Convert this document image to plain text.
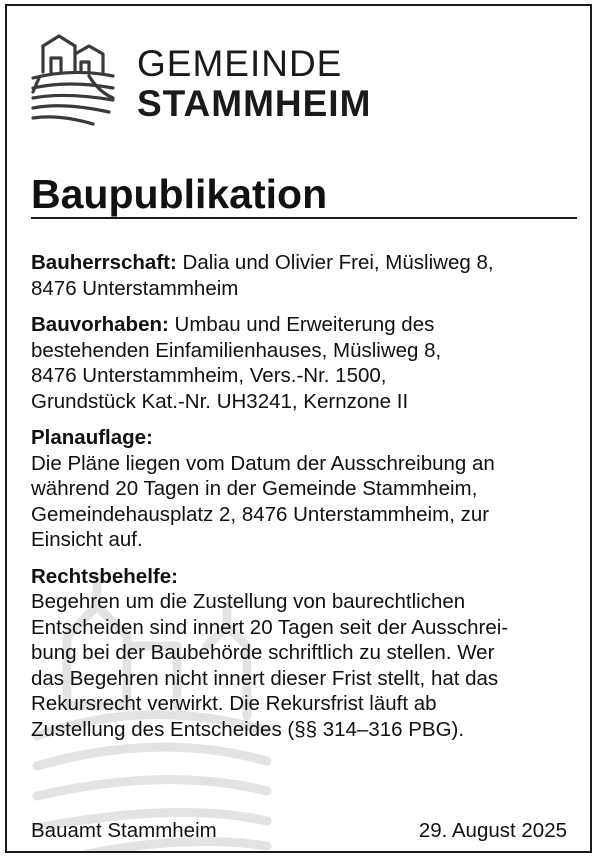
GEMEINDE
STAMMHEIM
Baupublikation
Bauherrschaft: Dalia und Olivier Frei, Müsliweg 8,
8476 Unterstammheim
Bauvorhaben: Umbau und Erweiterung des
bestehenden Einfamilienhauses, Müsliweg 8,
8476 Unterstammheim, Vers.-Nr. 1500,
Grundstück Kat.-Nr. UH3241, Kernzone II
Planauflage:
Die Pläne liegen vom Datum der Ausschreibung an
während 20 Tagen in der Gemeinde Stammheim,
Gemeindehausplatz 2, 8476 Unterstammheim, zur
Einsicht auf.
Rechtsbehelfe:
Begehren um die Zustellung von baurechtlichen
Entscheiden sind innert 20 Tagen seit der Ausschrei-
bung bei der Baubehörde schriftlich zu stellen. Wer
das Begehren nicht innert dieser Frist stellt, hat das
Rekursrecht verwirkt. Die Rekursfrist läuft ab
Zustellung des Entscheides (§§ 314–316 PBG).
Bauamt Stammheim	29. August 2025
